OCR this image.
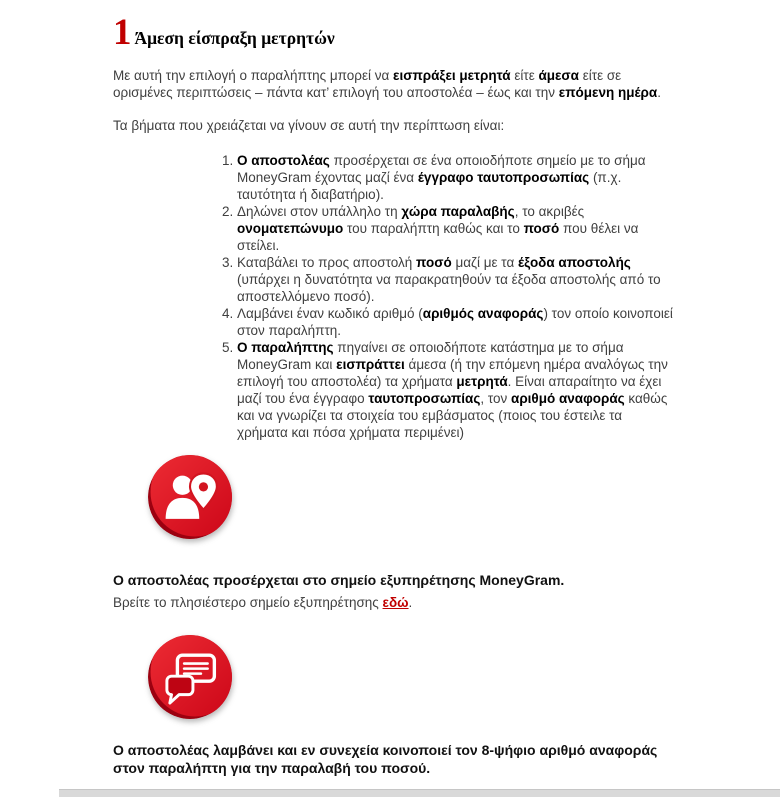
1 Άμεση είσπραξη μετρητών

Με αυτή την επιλογή ο παραλήπτης μπορεί να εισπράξει μετρητά είτε άμεσα είτε σε ορισμένες περιπτώσεις – πάντα κατ’ επιλογή του αποστολέα – έως και την επόμενη ημέρα.

Τα βήματα που χρειάζεται να γίνουν σε αυτή την περίπτωση είναι:

1. Ο αποστολέας προσέρχεται σε ένα οποιοδήποτε σημείο με το σήμα MoneyGram έχοντας μαζί ένα έγγραφο ταυτοπροσωπίας (π.χ. ταυτότητα ή διαβατήριο).
2. Δηλώνει στον υπάλληλο τη χώρα παραλαβής, το ακριβές ονοματεπώνυμο του παραλήπτη καθώς και το ποσό που θέλει να στείλει.
3. Καταβάλει το προς αποστολή ποσό μαζί με τα έξοδα αποστολής (υπάρχει η δυνατότητα να παρακρατηθούν τα έξοδα αποστολής από το αποστελλόμενο ποσό).
4. Λαμβάνει έναν κωδικό αριθμό (αριθμός αναφοράς) τον οποίο κοινοποιεί στον παραλήπτη.
5. Ο παραλήπτης πηγαίνει σε οποιοδήποτε κατάστημα με το σήμα MoneyGram και εισπράττει άμεσα (ή την επόμενη ημέρα αναλόγως την επιλογή του αποστολέα) τα χρήματα μετρητά. Είναι απαραίτητο να έχει μαζί του ένα έγγραφο ταυτοπροσωπίας, τον αριθμό αναφοράς καθώς και να γνωρίζει τα στοιχεία του εμβάσματος (ποιος του έστειλε τα χρήματα και πόσα χρήματα περιμένει)

Ο αποστολέας προσέρχεται στο σημείο εξυπηρέτησης MoneyGram.

Βρείτε το πλησιέστερο σημείο εξυπηρέτησης εδώ.

Ο αποστολέας λαμβάνει και εν συνεχεία κοινοποιεί τον 8-ψήφιο αριθμό αναφοράς στον παραλήπτη για την παραλαβή του ποσού.
